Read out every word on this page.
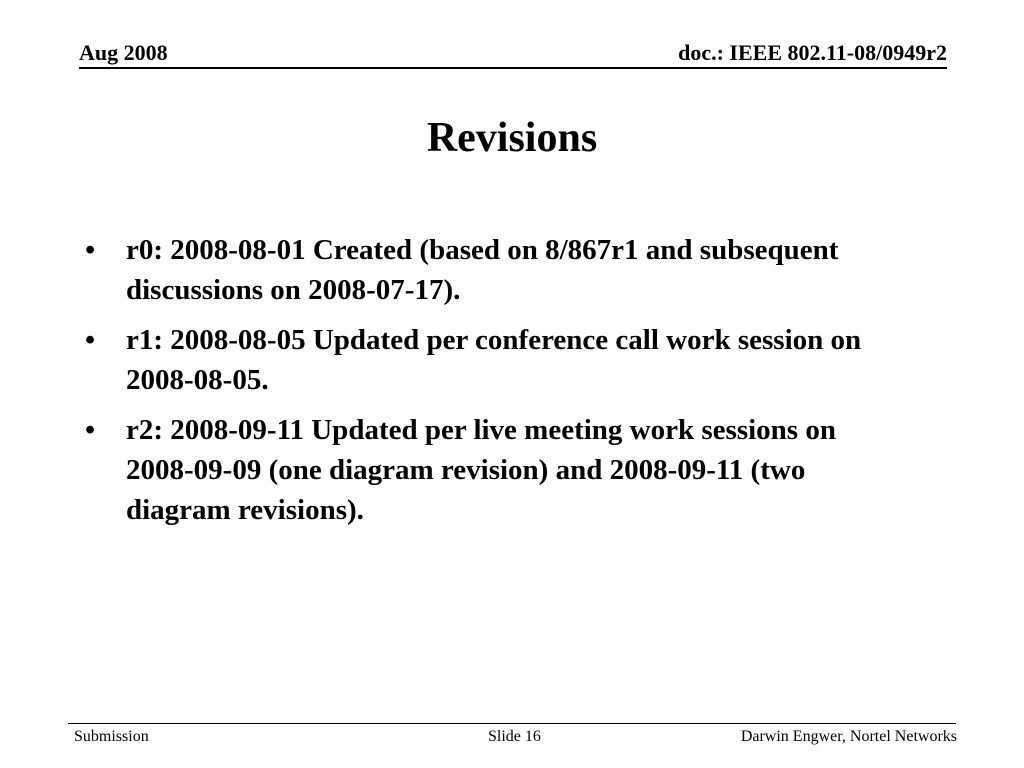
Aug 2008	doc.: IEEE 802.11-08/0949r2
Revisions
• r0: 2008-08-01 Created (based on 8/867r1 and subsequent discussions on 2008-07-17).
• r1: 2008-08-05 Updated per conference call work session on 2008-08-05.
• r2: 2008-09-11 Updated per live meeting work sessions on 2008-09-09 (one diagram revision) and 2008-09-11 (two diagram revisions).
Submission	Slide 16	Darwin Engwer, Nortel Networks
